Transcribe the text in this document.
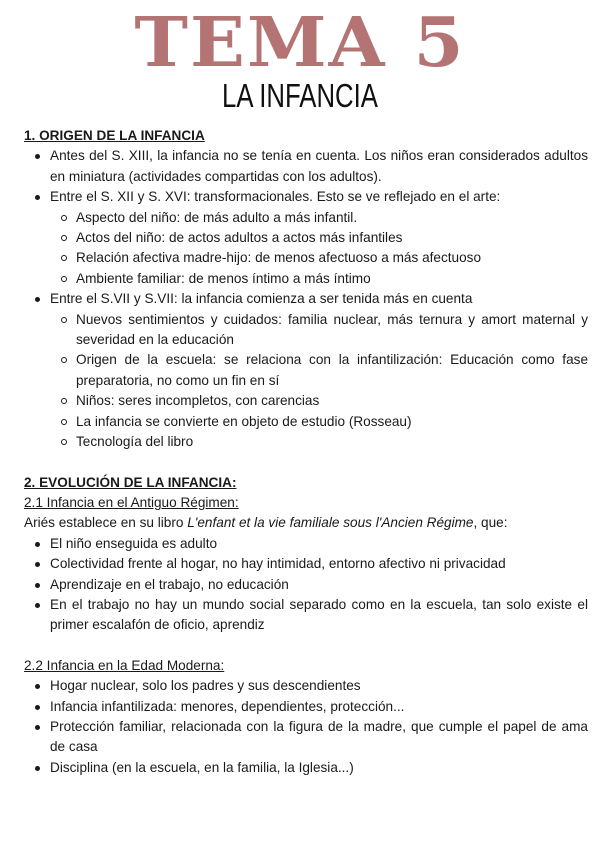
TEMA 5
LA INFANCIA

1. ORIGEN DE LA INFANCIA

Antes del S. XIII, la infancia no se tenía en cuenta. Los niños eran considerados adultos en miniatura (actividades compartidas con los adultos).
Entre el S. XII y S. XVI: transformacionales. Esto se ve reflejado en el arte:
Aspecto del niño: de más adulto a más infantil.
Actos del niño: de actos adultos a actos más infantiles
Relación afectiva madre-hijo: de menos afectuoso a más afectuoso
Ambiente familiar: de menos íntimo a más íntimo
Entre el S.VII y S.VII: la infancia comienza a ser tenida más en cuenta
Nuevos sentimientos y cuidados: familia nuclear, más ternura y amort maternal y severidad en la educación
Origen de la escuela: se relaciona con la infantilización: Educación como fase preparatoria, no como un fin en sí
Niños: seres incompletos, con carencias
La infancia se convierte en objeto de estudio (Rosseau)
Tecnología del libro

2. EVOLUCIÓN DE LA INFANCIA:

2.1 Infancia en el Antiguo Régimen:

Ariés establece en su libro L'enfant et la vie familiale sous l'Ancien Régime, que:

El niño enseguida es adulto
Colectividad frente al hogar, no hay intimidad, entorno afectivo ni privacidad
Aprendizaje en el trabajo, no educación
En el trabajo no hay un mundo social separado como en la escuela, tan solo existe el primer escalafón de oficio, aprendiz

2.2 Infancia en la Edad Moderna:

Hogar nuclear, solo los padres y sus descendientes
Infancia infantilizada: menores, dependientes, protección...
Protección familiar, relacionada con la figura de la madre, que cumple el papel de ama de casa
Disciplina (en la escuela, en la familia, la Iglesia...)
